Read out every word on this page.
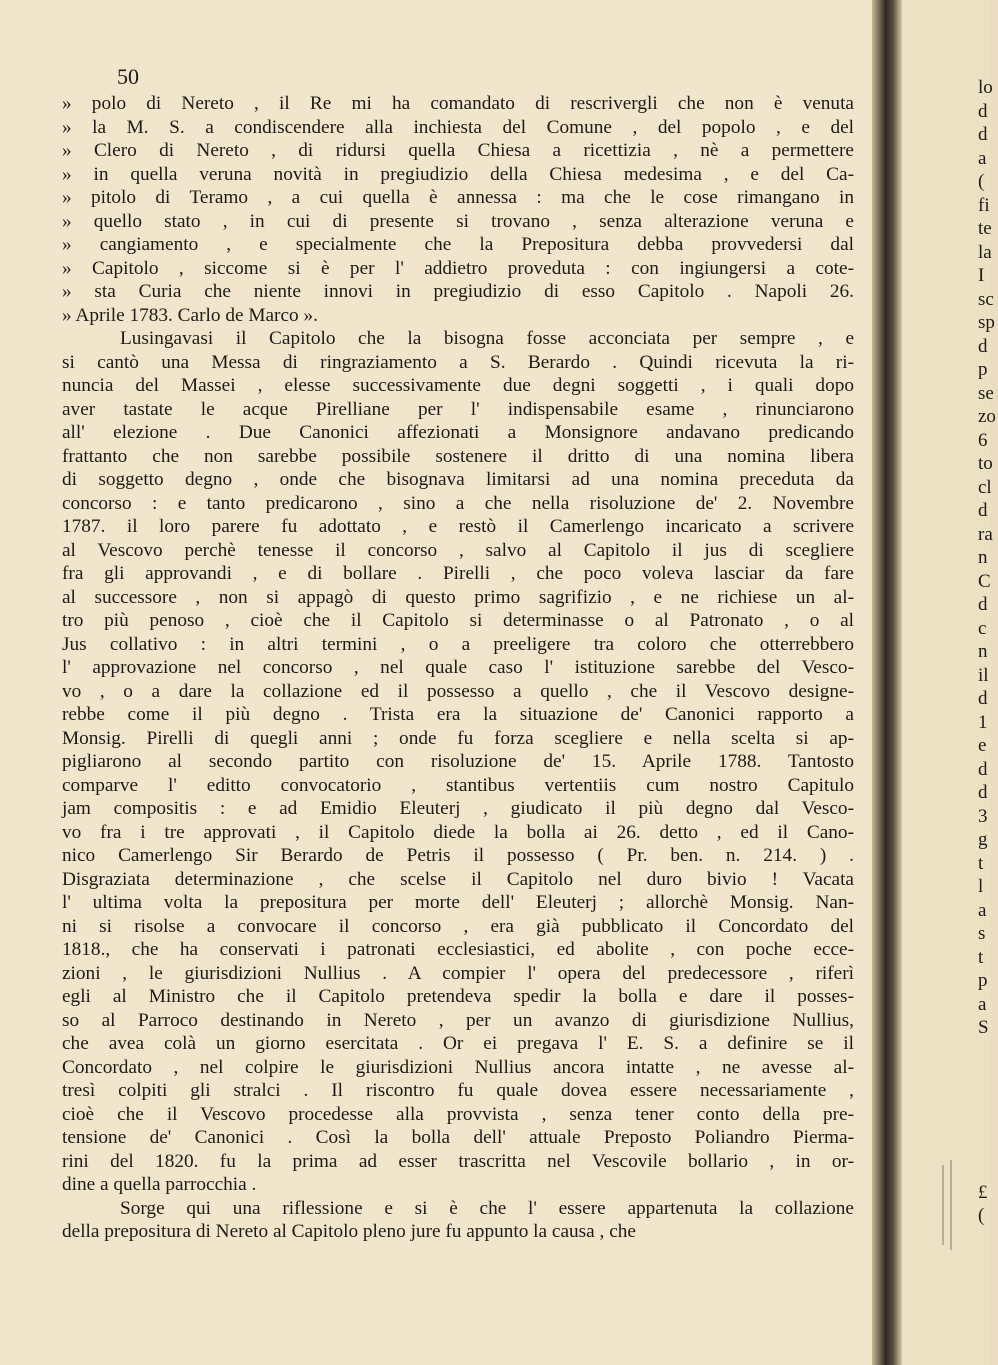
50
» polo di Nereto , il Re mi ha comandato di rescrivergli che non è venuta
» la M. S. a condiscendere alla inchiesta del Comune , del popolo , e del
» Clero di Nereto , di ridursi quella Chiesa a ricettizia , nè a permettere
» in quella veruna novità in pregiudizio della Chiesa medesima , e del Ca-
» pitolo di Teramo , a cui quella è annessa : ma che le cose rimangano in
» quello stato , in cui di presente si trovano , senza alterazione veruna e
» cangiamento , e specialmente che la Prepositura debba provvedersi dal
» Capitolo , siccome si è per l' addietro proveduta : con ingiungersi a cote-
» sta Curia che niente innovi in pregiudizio di esso Capitolo . Napoli 26.
» Aprile 1783. Carlo de Marco ».
Lusingavasi il Capitolo che la bisogna fosse acconciata per sempre , e
si cantò una Messa di ringraziamento a S. Berardo . Quindi ricevuta la ri-
nuncia del Massei , elesse successivamente due degni soggetti , i quali dopo
aver tastate le acque Pirelliane per l' indispensabile esame , rinunciarono
all' elezione . Due Canonici affezionati a Monsignore andavano predicando
frattanto che non sarebbe possibile sostenere il dritto di una nomina libera
di soggetto degno , onde che bisognava limitarsi ad una nomina preceduta da
concorso : e tanto predicarono , sino a che nella risoluzione de' 2. Novembre
1787. il loro parere fu adottato , e restò il Camerlengo incaricato a scrivere
al Vescovo perchè tenesse il concorso , salvo al Capitolo il jus di scegliere
fra gli approvandi , e di bollare . Pirelli , che poco voleva lasciar da fare
al successore , non si appagò di questo primo sagrifizio , e ne richiese un al-
tro più penoso , cioè che il Capitolo si determinasse o al Patronato , o al
Jus collativo : in altri termini , o a preeligere tra coloro che otterrebbero
l' approvazione nel concorso , nel quale caso l' istituzione sarebbe del Vesco-
vo , o a dare la collazione ed il possesso a quello , che il Vescovo designe-
rebbe come il più degno . Trista era la situazione de' Canonici rapporto a
Monsig. Pirelli di quegli anni ; onde fu forza scegliere e nella scelta si ap-
pigliarono al secondo partito con risoluzione de' 15. Aprile 1788. Tantosto
comparve l' editto convocatorio , stantibus vertentiis cum nostro Capitulo
jam compositis : e ad Emidio Eleuterj , giudicato il più degno dal Vesco-
vo fra i tre approvati , il Capitolo diede la bolla ai 26. detto , ed il Cano-
nico Camerlengo Sir Berardo de Petris il possesso ( Pr. ben. n. 214. ) .
Disgraziata determinazione , che scelse il Capitolo nel duro bivio ! Vacata
l' ultima volta la prepositura per morte dell' Eleuterj ; allorchè Monsig. Nan-
ni si risolse a convocare il concorso , era già pubblicato il Concordato del
1818., che ha conservati i patronati ecclesiastici, ed abolite , con poche ecce-
zioni , le giurisdizioni Nullius . A compier l' opera del predecessore , riferì
egli al Ministro che il Capitolo pretendeva spedir la bolla e dare il posses-
so al Parroco destinando in Nereto , per un avanzo di giurisdizione Nullius,
che avea colà un giorno esercitata . Or ei pregava l' E. S. a definire se il
Concordato , nel colpire le giurisdizioni Nullius ancora intatte , ne avesse al-
tresì colpiti gli stralci . Il riscontro fu quale dovea essere necessariamente ,
cioè che il Vescovo procedesse alla provvista , senza tener conto della pre-
tensione de' Canonici . Così la bolla dell' attuale Preposto Poliandro Pierma-
rini del 1820. fu la prima ad esser trascritta nel Vescovile bollario , in or-
dine a quella parrocchia .
Sorge qui una riflessione e si è che l' essere appartenuta la collazione
della prepositura di Nereto al Capitolo pleno jure fu appunto la causa , che
lo
d
d
a
(
fi
te
la
I
sc
sp
d
p
se
zo
6
to
cl
d
ra
n
C
d
c
n
il
d
1
e
d
d
3
g
t
l
a
s
t
p
a
S
£
(
